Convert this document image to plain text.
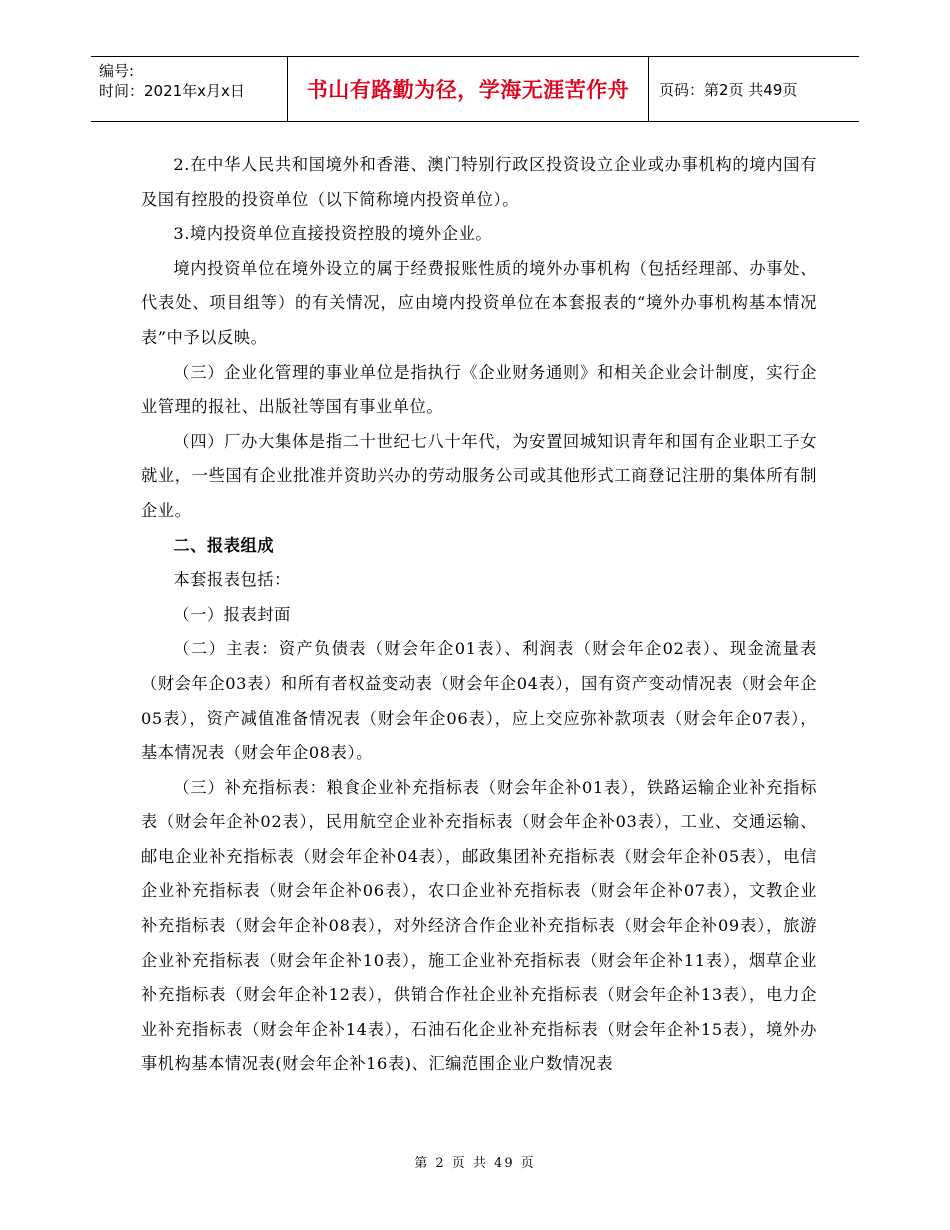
编号:
时间：2021年x月x日	书山有路勤为径，学海无涯苦作舟	页码：第2页 共49页

2.在中华人民共和国境外和香港、澳门特别行政区投资设立企业或办事机构的境内国有及国有控股的投资单位（以下简称境内投资单位）。

3.境内投资单位直接投资控股的境外企业。

境内投资单位在境外设立的属于经费报账性质的境外办事机构（包括经理部、办事处、代表处、项目组等）的有关情况，应由境内投资单位在本套报表的“境外办事机构基本情况表”中予以反映。

（三）企业化管理的事业单位是指执行《企业财务通则》和相关企业会计制度，实行企业管理的报社、出版社等国有事业单位。

（四）厂办大集体是指二十世纪七八十年代，为安置回城知识青年和国有企业职工子女就业，一些国有企业批准并资助兴办的劳动服务公司或其他形式工商登记注册的集体所有制企业。

二、报表组成

本套报表包括：

（一）报表封面

（二）主表：资产负债表（财会年企01表）、利润表（财会年企02表）、现金流量表（财会年企03表）和所有者权益变动表（财会年企04表），国有资产变动情况表（财会年企05表），资产减值准备情况表（财会年企06表），应上交应弥补款项表（财会年企07表），基本情况表（财会年企08表）。

（三）补充指标表：粮食企业补充指标表（财会年企补01表），铁路运输企业补充指标表（财会年企补02表），民用航空企业补充指标表（财会年企补03表），工业、交通运输、邮电企业补充指标表（财会年企补04表），邮政集团补充指标表（财会年企补05表），电信企业补充指标表（财会年企补06表），农口企业补充指标表（财会年企补07表），文教企业补充指标表（财会年企补08表），对外经济合作企业补充指标表（财会年企补09表），旅游企业补充指标表（财会年企补10表），施工企业补充指标表（财会年企补11表），烟草企业补充指标表（财会年企补12表），供销合作社企业补充指标表（财会年企补13表），电力企业补充指标表（财会年企补14表），石油石化企业补充指标表（财会年企补15表），境外办事机构基本情况表(财会年企补16表)、汇编范围企业户数情况表

第 2 页 共 49 页
